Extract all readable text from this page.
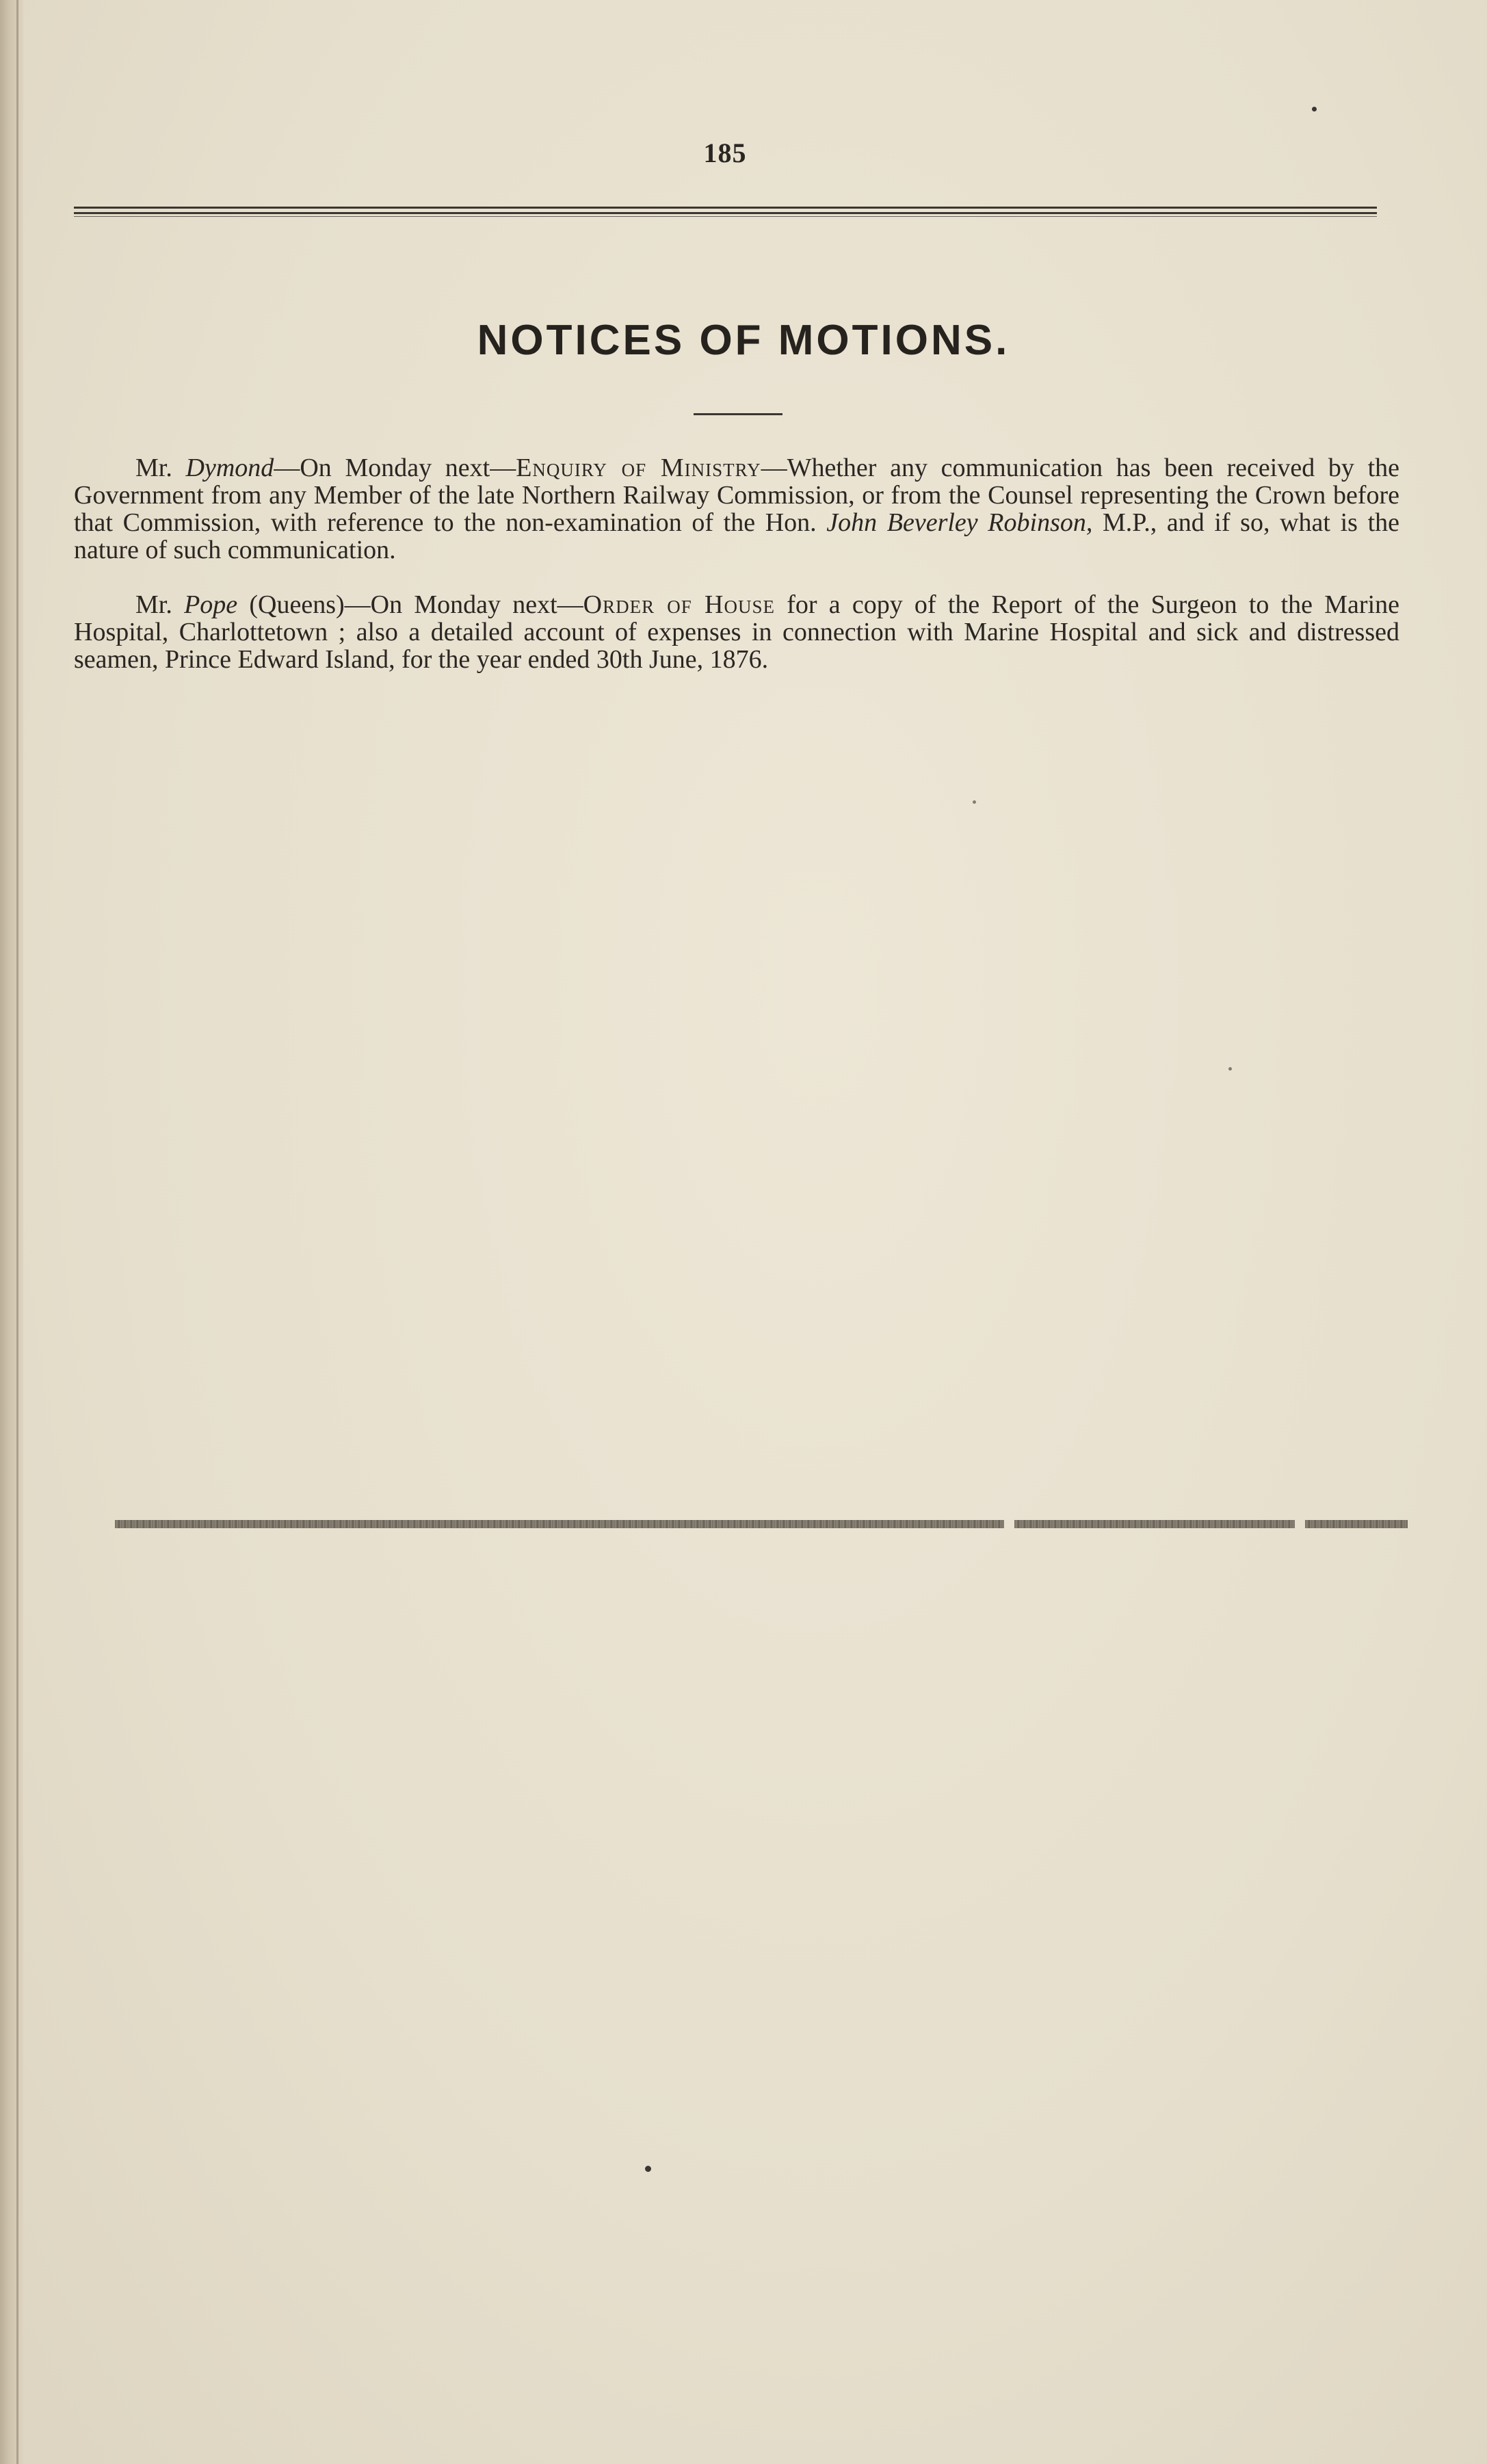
185
NOTICES OF MOTIONS.

Mr. Dymond—On Monday next—Enquiry of Ministry—Whether any communication has been received by the Government from any Member of the late Northern Railway Commission, or from the Counsel representing the Crown before that Commission, with reference to the non-examination of the Hon. John Beverley Robinson, M.P., and if so, what is the nature of such communication.

Mr. Pope (Queens)—On Monday next—Order of House for a copy of the Report of the Surgeon to the Marine Hospital, Charlottetown ; also a detailed account of expenses in connection with Marine Hospital and sick and distressed seamen, Prince Edward Island, for the year ended 30th June, 1876.
